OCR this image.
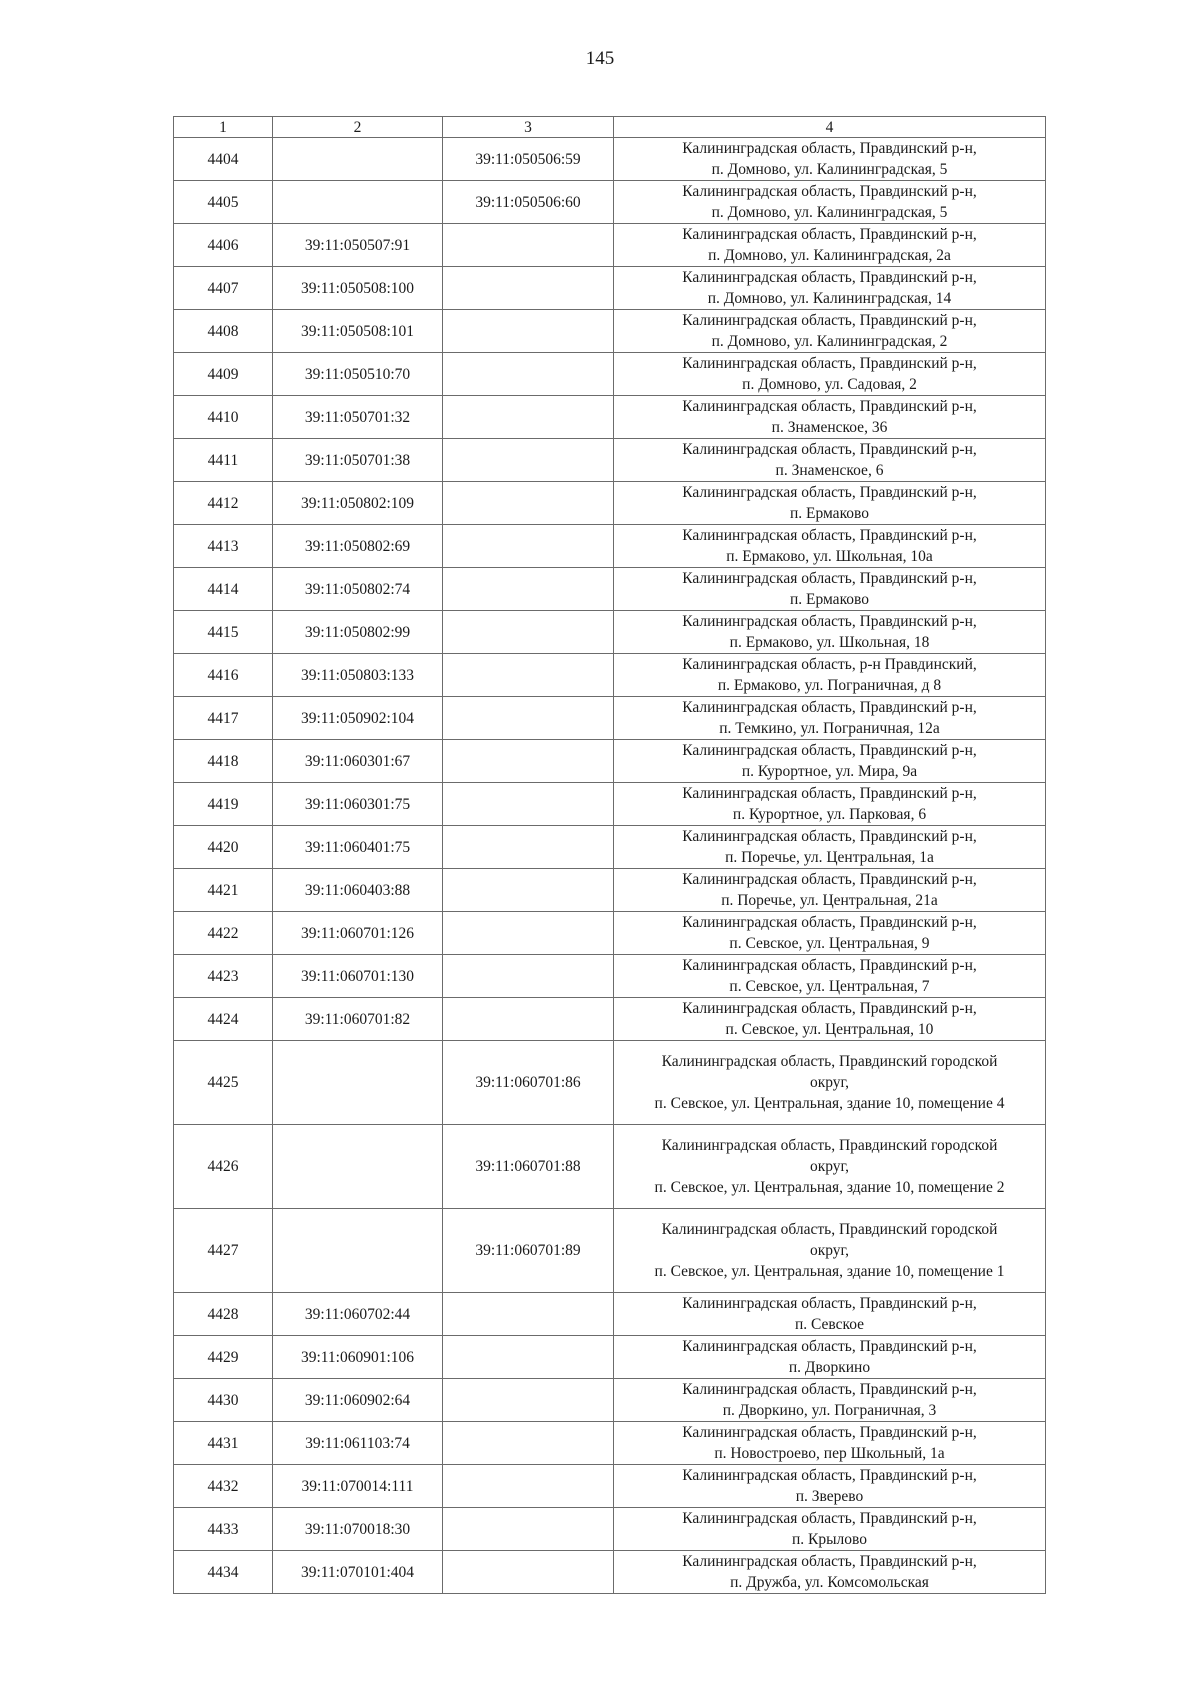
145
1	2	3	4
4404		39:11:050506:59	Калининградская область, Правдинский р-н,
п. Домново, ул. Калининградская, 5

4405		39:11:050506:60	Калининградская область, Правдинский р-н,
п. Домново, ул. Калининградская, 5

4406	39:11:050507:91		Калининградская область, Правдинский р-н,
п. Домново, ул. Калининградская, 2а

4407	39:11:050508:100		Калининградская область, Правдинский р-н,
п. Домново, ул. Калининградская, 14

4408	39:11:050508:101		Калининградская область, Правдинский р-н,
п. Домново, ул. Калининградская, 2

4409	39:11:050510:70		Калининградская область, Правдинский р-н,
п. Домново, ул. Садовая, 2

4410	39:11:050701:32		Калининградская область, Правдинский р-н,
п. Знаменское, 36

4411	39:11:050701:38		Калининградская область, Правдинский р-н,
п. Знаменское, 6

4412	39:11:050802:109		Калининградская область, Правдинский р-н,
п. Ермаково

4413	39:11:050802:69		Калининградская область, Правдинский р-н,
п. Ермаково, ул. Школьная, 10а

4414	39:11:050802:74		Калининградская область, Правдинский р-н,
п. Ермаково

4415	39:11:050802:99		Калининградская область, Правдинский р-н,
п. Ермаково, ул. Школьная, 18

4416	39:11:050803:133		Калининградская область, р-н Правдинский,
п. Ермаково, ул. Пограничная, д 8

4417	39:11:050902:104		Калининградская область, Правдинский р-н,
п. Темкино, ул. Пограничная, 12а

4418	39:11:060301:67		Калининградская область, Правдинский р-н,
п. Курортное, ул. Мира, 9а

4419	39:11:060301:75		Калининградская область, Правдинский р-н,
п. Курортное, ул. Парковая, 6

4420	39:11:060401:75		Калининградская область, Правдинский р-н,
п. Поречье, ул. Центральная, 1а

4421	39:11:060403:88		Калининградская область, Правдинский р-н,
п. Поречье, ул. Центральная, 21а

4422	39:11:060701:126		Калининградская область, Правдинский р-н,
п. Севское, ул. Центральная, 9

4423	39:11:060701:130		Калининградская область, Правдинский р-н,
п. Севское, ул. Центральная, 7

4424	39:11:060701:82		Калининградская область, Правдинский р-н,
п. Севское, ул. Центральная, 10

4425		39:11:060701:86	Калининградская область, Правдинский городской
округ,
п. Севское, ул. Центральная, здание 10, помещение 4

4426		39:11:060701:88	Калининградская область, Правдинский городской
округ,
п. Севское, ул. Центральная, здание 10, помещение 2

4427		39:11:060701:89	Калининградская область, Правдинский городской
округ,
п. Севское, ул. Центральная, здание 10, помещение 1

4428	39:11:060702:44		Калининградская область, Правдинский р-н,
п. Севское

4429	39:11:060901:106		Калининградская область, Правдинский р-н,
п. Дворкино

4430	39:11:060902:64		Калининградская область, Правдинский р-н,
п. Дворкино, ул. Пограничная, 3

4431	39:11:061103:74		Калининградская область, Правдинский р-н,
п. Новостроево, пер Школьный, 1а

4432	39:11:070014:111		Калининградская область, Правдинский р-н,
п. Зверево

4433	39:11:070018:30		Калининградская область, Правдинский р-н,
п. Крылово

4434	39:11:070101:404		Калининградская область, Правдинский р-н,
п. Дружба, ул. Комсомольская
